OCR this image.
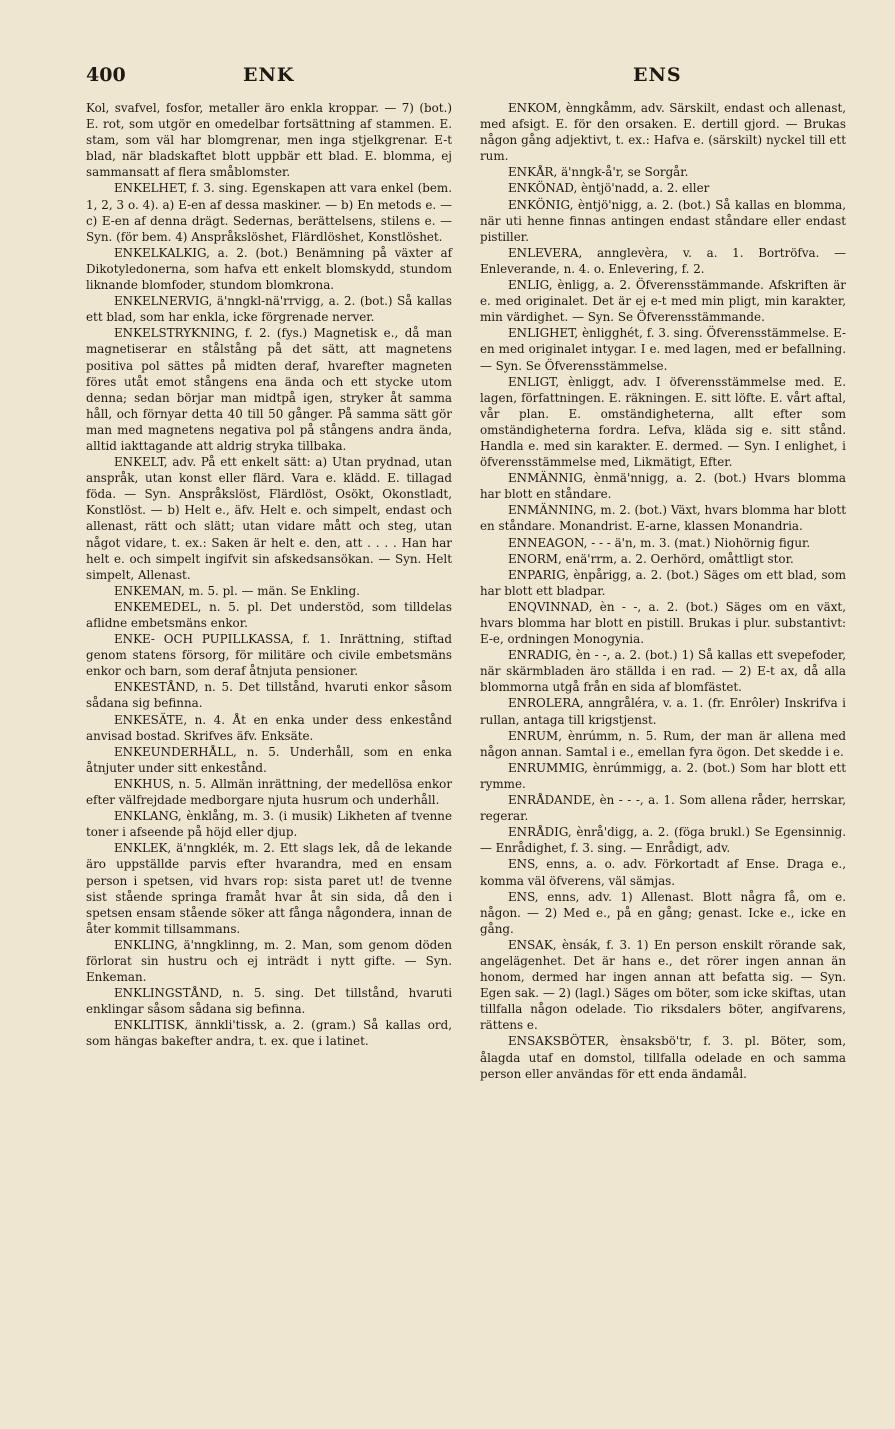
400	ENK	ENS

Kol, svafvel, fosfor, metaller äro enkla kroppar. — 7) (bot.) E. rot, som utgör en omedelbar fortsättning af stammen. E. stam, som väl har blomgrenar, men inga stjelkgrenar. E-t blad, när bladskaftet blott uppbär ett blad. E. blomma, ej sammansatt af flera småblomster.

ENKELHET, f. 3. sing. Egenskapen att vara enkel (bem. 1, 2, 3 o. 4). a) E-en af dessa maskiner. — b) En metods e. — c) E-en af denna drägt. Sedernas, berättelsens, stilens e. — Syn. (för bem. 4) Anspråkslöshet, Flärdlöshet, Konstlöshet.

ENKELKALKIG, a. 2. (bot.) Benämning på växter af Dikotyledonerna, som hafva ett enkelt blomskydd, stundom liknande blomfoder, stundom blomkrona.

ENKELNERVIG, ä'nngkl-nä'rrvigg, a. 2. (bot.) Så kallas ett blad, som har enkla, icke förgrenade nerver.

ENKELSTRYKNING, f. 2. (fys.) Magnetisk e., då man magnetiserar en stålstång på det sätt, att magnetens positiva pol sättes på midten deraf, hvarefter magneten föres utåt emot stångens ena ända och ett stycke utom denna; sedan börjar man midtpå igen, stryker åt samma håll, och förnyar detta 40 till 50 gånger. På samma sätt gör man med magnetens negativa pol på stångens andra ända, alltid iakttagande att aldrig stryka tillbaka.

ENKELT, adv. På ett enkelt sätt: a) Utan prydnad, utan anspråk, utan konst eller flärd. Vara e. klädd. E. tillagad föda. — Syn. Anspråkslöst, Flärdlöst, Osökt, Okonstladt, Konstlöst. — b) Helt e., äfv. Helt e. och simpelt, endast och allenast, rätt och slätt; utan vidare mått och steg, utan något vidare, t. ex.: Saken är helt e. den, att . . . . Han har helt e. och simpelt ingifvit sin afskedsansökan. — Syn. Helt simpelt, Allenast.

ENKEMAN, m. 5. pl. — män. Se Enkling.

ENKEMEDEL, n. 5. pl. Det understöd, som tilldelas aflidne embetsmäns enkor.

ENKE- OCH PUPILLKASSA, f. 1. Inrättning, stiftad genom statens försorg, för militäre och civile embetsmäns enkor och barn, som deraf åtnjuta pensioner.

ENKESTÅND, n. 5. Det tillstånd, hvaruti enkor såsom sådana sig befinna.

ENKESÄTE, n. 4. Åt en enka under dess enkestånd anvisad bostad. Skrifves äfv. Enksäte.

ENKEUNDERHÅLL, n. 5. Underhåll, som en enka åtnjuter under sitt enkestånd.

ENKHUS, n. 5. Allmän inrättning, der medellösa enkor efter välfrejdade medborgare njuta husrum och underhåll.

ENKLANG, ènklång, m. 3. (i musik) Likheten af tvenne toner i afseende på höjd eller djup.

ENKLEK, ä'nngklék, m. 2. Ett slags lek, då de lekande äro uppställde parvis efter hvarandra, med en ensam person i spetsen, vid hvars rop: sista paret ut! de tvenne sist stående springa framåt hvar åt sin sida, då den i spetsen ensam stående söker att fånga någondera, innan de åter kommit tillsammans.

ENKLING, ä'nngklinng, m. 2. Man, som genom döden förlorat sin hustru och ej inträdt i nytt gifte. — Syn. Enkeman.

ENKLINGSTÅND, n. 5. sing. Det tillstånd, hvaruti enklingar såsom sådana sig befinna.

ENKLITISK, ännkli'tissk, a. 2. (gram.) Så kallas ord, som hängas bakefter andra, t. ex. que i latinet.

ENKOM, ènngkåmm, adv. Särskilt, endast och allenast, med afsigt. E. för den orsaken. E. dertill gjord. — Brukas någon gång adjektivt, t. ex.: Hafva e. (särskilt) nyckel till ett rum.

ENKÅR, ä'nngk-å'r, se Sorgår.

ENKÖNAD, èntjö'nadd, a. 2. eller

ENKÖNIG, èntjö'nigg, a. 2. (bot.) Så kallas en blomma, när uti henne finnas antingen endast ståndare eller endast pistiller.

ENLEVERA, annglevèra, v. a. 1. Bortröfva. — Enleverande, n. 4. o. Enlevering, f. 2.

ENLIG, ènligg, a. 2. Öfverensstämmande. Afskriften är e. med originalet. Det är ej e-t med min pligt, min karakter, min värdighet. — Syn. Se Öfverensstämmande.

ENLIGHET, ènligghét, f. 3. sing. Öfverensstämmelse. E-en med originalet intygar. I e. med lagen, med er befallning. — Syn. Se Öfverensstämmelse.

ENLIGT, ènliggt, adv. I öfverensstämmelse med. E. lagen, författningen. E. räkningen. E. sitt löfte. E. vårt aftal, vår plan. E. omständigheterna, allt efter som omständigheterna fordra. Lefva, kläda sig e. sitt stånd. Handla e. med sin karakter. E. dermed. — Syn. I enlighet, i öfverensstämmelse med, Likmätigt, Efter.

ENMÄNNIG, ènmä'nnigg, a. 2. (bot.) Hvars blomma har blott en ståndare.

ENMÄNNING, m. 2. (bot.) Växt, hvars blomma har blott en ståndare. Monandrist. E-arne, klassen Monandria.

ENNEAGON, - - - ä'n, m. 3. (mat.) Niohörnig figur.

ENORM, enä'rrm, a. 2. Oerhörd, omåttligt stor.

ENPARIG, ènpårigg, a. 2. (bot.) Säges om ett blad, som har blott ett bladpar.

ENQVINNAD, èn - -, a. 2. (bot.) Säges om en växt, hvars blomma har blott en pistill. Brukas i plur. substantivt: E-e, ordningen Monogynia.

ENRADIG, èn - -, a. 2. (bot.) 1) Så kallas ett svepefoder, när skärmbladen äro ställda i en rad. — 2) E-t ax, då alla blommorna utgå från en sida af blomfästet.

ENROLERA, anngråléra, v. a. 1. (fr. Enrôler) Inskrifva i rullan, antaga till krigstjenst.

ENRUM, ènrúmm, n. 5. Rum, der man är allena med någon annan. Samtal i e., emellan fyra ögon. Det skedde i e.

ENRUMMIG, ènrúmmigg, a. 2. (bot.) Som har blott ett rymme.

ENRÅDANDE, èn - - -, a. 1. Som allena råder, herrskar, regerar.

ENRÅDIG, ènrå'digg, a. 2. (föga brukl.) Se Egensinnig. — Enrådighet, f. 3. sing. — Enrådigt, adv.

ENS, enns, a. o. adv. Förkortadt af Ense. Draga e., komma väl öfverens, väl sämjas.

ENS, enns, adv. 1) Allenast. Blott några få, om e. någon. — 2) Med e., på en gång; genast. Icke e., icke en gång.

ENSAK, ènsák, f. 3. 1) En person enskilt rörande sak, angelägenhet. Det är hans e., det rörer ingen annan än honom, dermed har ingen annan att befatta sig. — Syn. Egen sak. — 2) (lagl.) Säges om böter, som icke skiftas, utan tillfalla någon odelade. Tio riksdalers böter, angifvarens, rättens e.

ENSAKSBÖTER, ènsaksbö'tr, f. 3. pl. Böter, som, ålagda utaf en domstol, tillfalla odelade en och samma person eller användas för ett enda ändamål.
